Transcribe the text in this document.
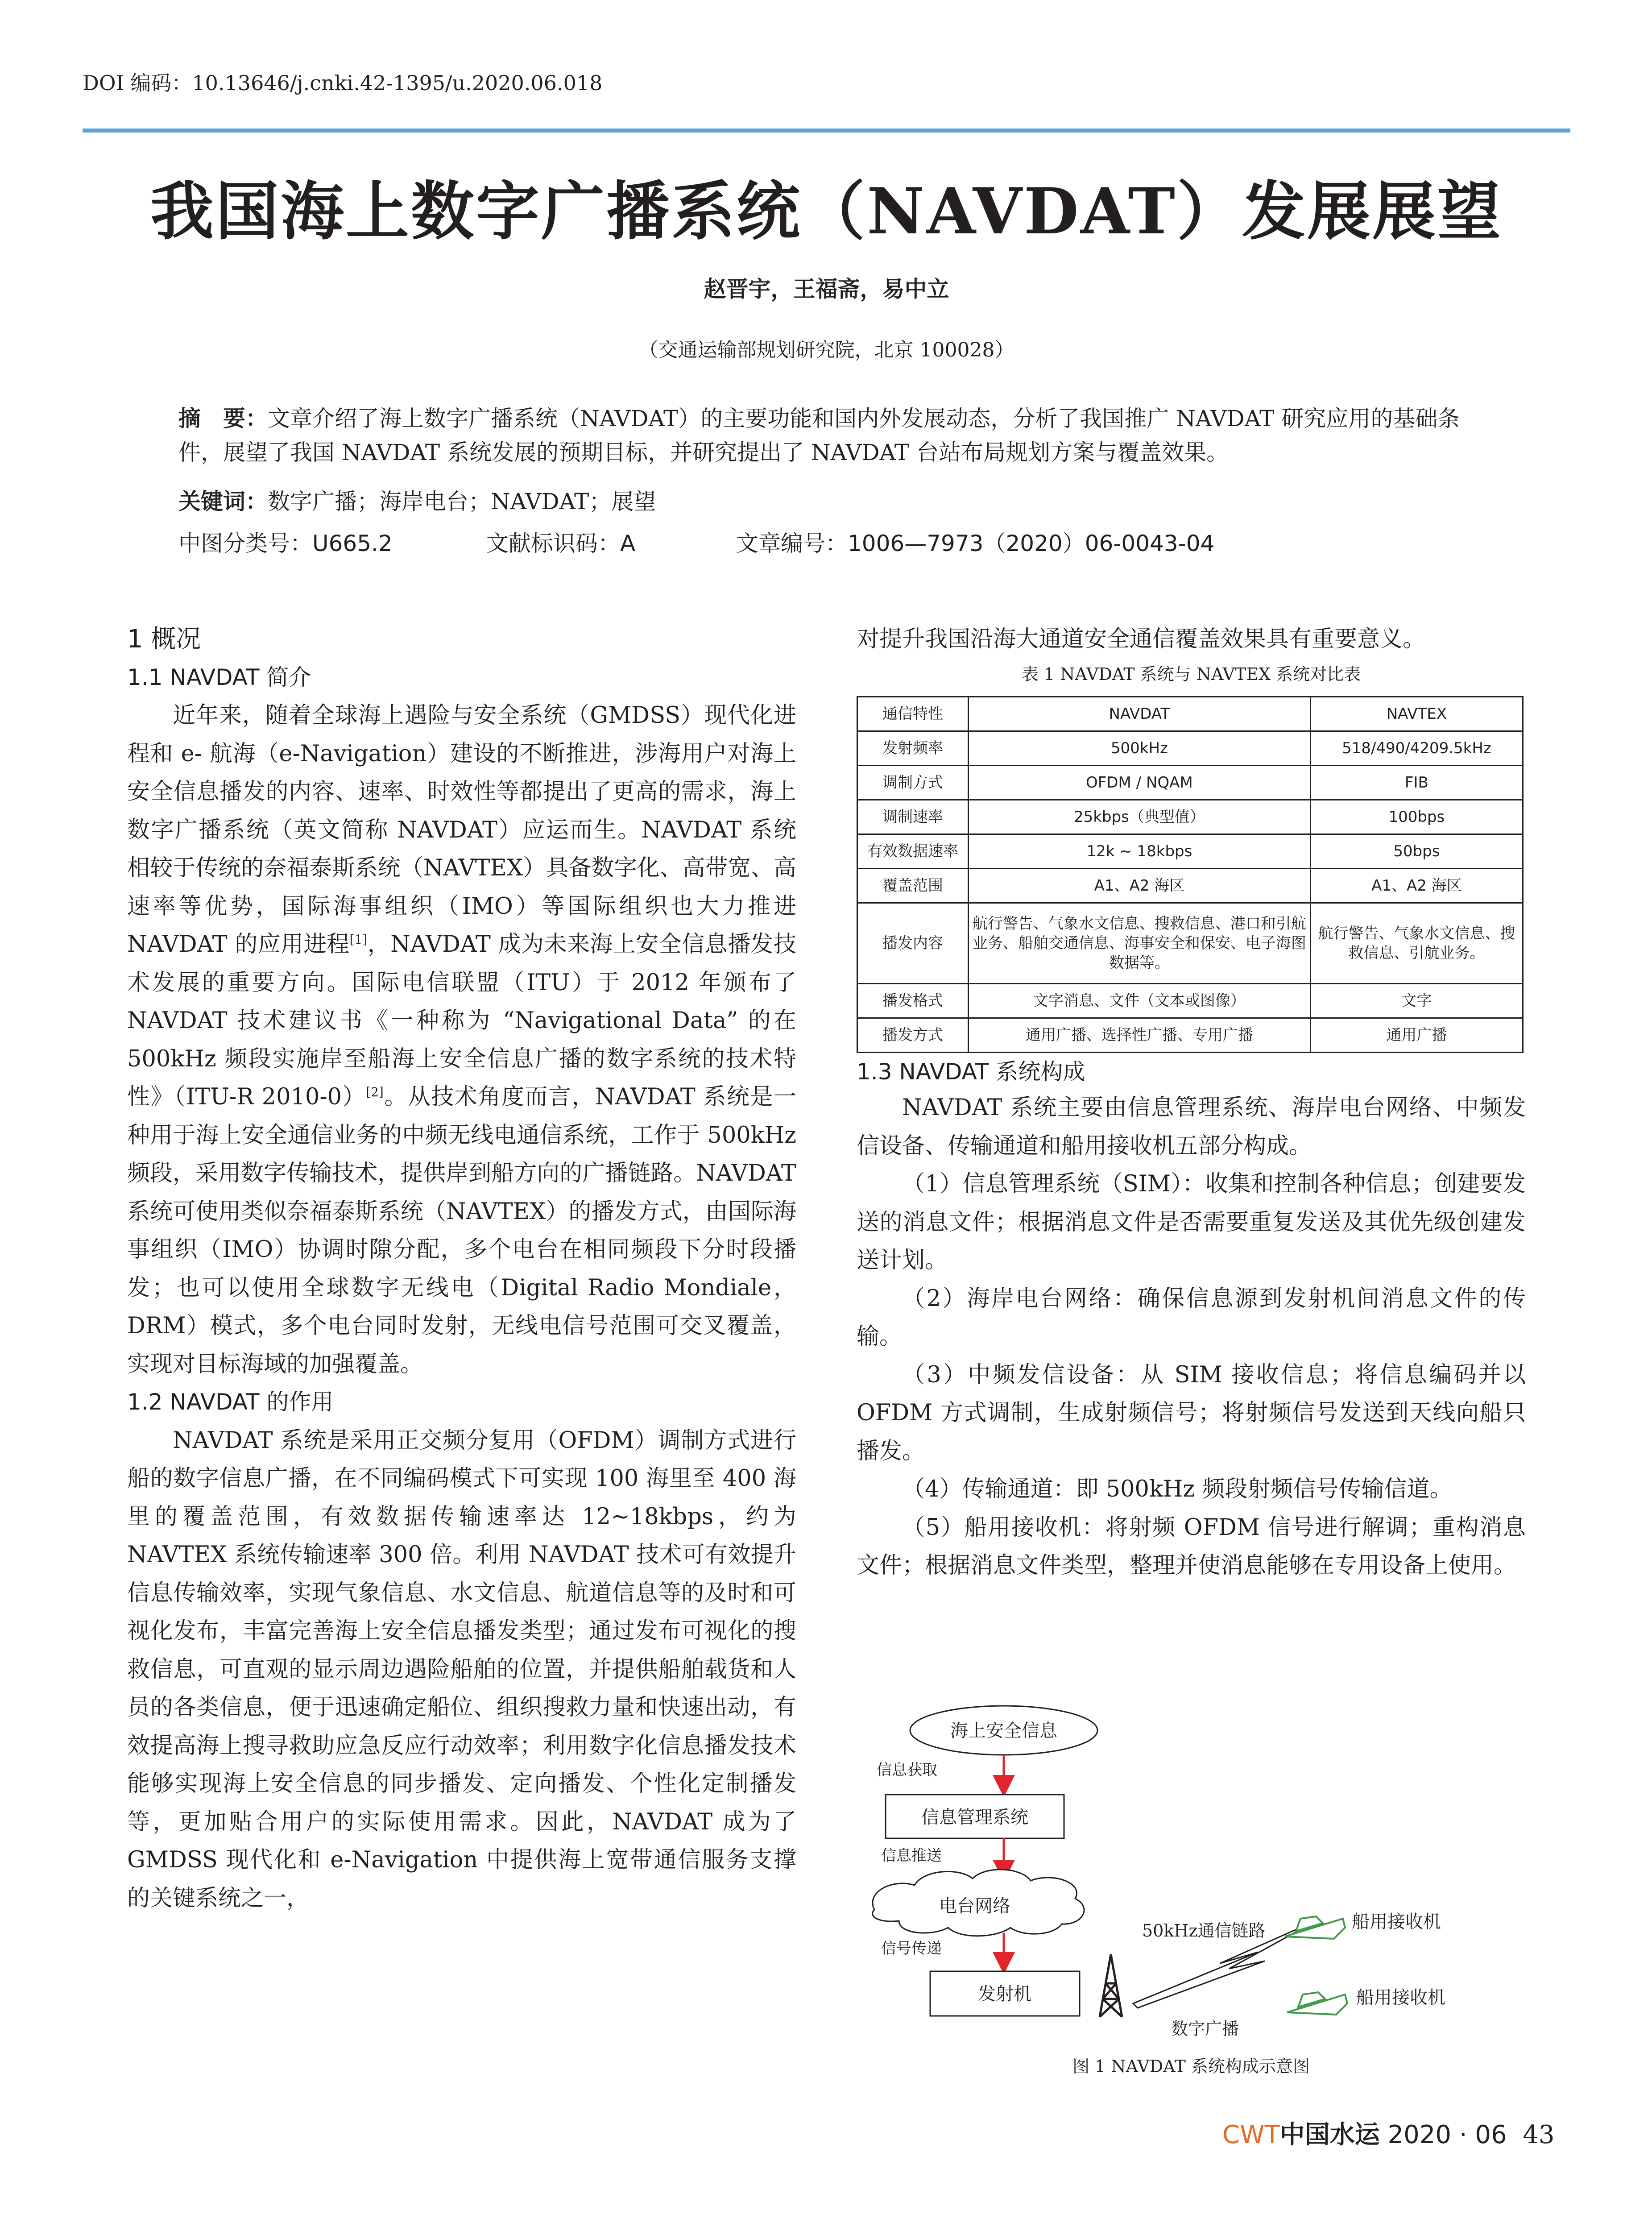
DOI 编码：10.13646/j.cnki.42-1395/u.2020.06.018
我国海上数字广播系统（NAVDAT）发展展望
赵晋宇，王福斋，易中立
（交通运输部规划研究院，北京 100028）
摘　要：文章介绍了海上数字广播系统（NAVDAT）的主要功能和国内外发展动态，分析了我国推广 NAVDAT 研究应用的基础条件，展望了我国 NAVDAT 系统发展的预期目标，并研究提出了 NAVDAT 台站布局规划方案与覆盖效果。
关键词：数字广播；海岸电台；NAVDAT；展望
中图分类号：U665.2	文献标识码：A	文章编号：1006—7973（2020）06-0043-04
1 概况
1.1 NAVDAT 简介

近年来，随着全球海上遇险与安全系统（GMDSS）现代化进程和 e- 航海（e-Navigation）建设的不断推进，涉海用户对海上安全信息播发的内容、速率、时效性等都提出了更高的需求，海上数字广播系统（英文简称 NAVDAT）应运而生。NAVDAT 系统相较于传统的奈福泰斯系统（NAVTEX）具备数字化、高带宽、高速率等优势，国际海事组织（IMO）等国际组织也大力推进 NAVDAT 的应用进程[1]，NAVDAT 成为未来海上安全信息播发技术发展的重要方向。国际电信联盟（ITU）于 2012 年颁布了 NAVDAT 技术建议书《一种称为 “Navigational Data” 的在 500kHz 频段实施岸至船海上安全信息广播的数字系统的技术特性》（ITU-R 2010-0）[2]。从技术角度而言，NAVDAT 系统是一种用于海上安全通信业务的中频无线电通信系统，工作于 500kHz 频段，采用数字传输技术，提供岸到船方向的广播链路。NAVDAT 系统可使用类似奈福泰斯系统（NAVTEX）的播发方式，由国际海事组织（IMO）协调时隙分配，多个电台在相同频段下分时段播发；也可以使用全球数字无线电（Digital Radio Mondiale，DRM）模式，多个电台同时发射，无线电信号范围可交叉覆盖，实现对目标海域的加强覆盖。

1.2 NAVDAT 的作用

NAVDAT 系统是采用正交频分复用（OFDM）调制方式进行船的数字信息广播，在不同编码模式下可实现 100 海里至 400 海里的覆盖范围，有效数据传输速率达 12~18kbps，约为 NAVTEX 系统传输速率 300 倍。利用 NAVDAT 技术可有效提升信息传输效率，实现气象信息、水文信息、航道信息等的及时和可视化发布，丰富完善海上安全信息播发类型；通过发布可视化的搜救信息，可直观的显示周边遇险船舶的位置，并提供船舶载货和人员的各类信息，便于迅速确定船位、组织搜救力量和快速出动，有效提高海上搜寻救助应急反应行动效率；利用数字化信息播发技术能够实现海上安全信息的同步播发、定向播发、个性化定制播发等，更加贴合用户的实际使用需求。因此，NAVDAT 成为了 GMDSS 现代化和 e-Navigation 中提供海上宽带通信服务支撑的关键系统之一，

对提升我国沿海大通道安全通信覆盖效果具有重要意义。

表 1 NAVDAT 系统与 NAVTEX 系统对比表
通信特性	NAVDAT	NAVTEX
发射频率	500kHz	518/490/4209.5kHz
调制方式	OFDM / NQAM	FIB
调制速率	25kbps（典型值）	100bps
有效数据速率	12k ~ 18kbps	50bps
覆盖范围	A1、A2 海区	A1、A2 海区
播发内容	航行警告、气象水文信息、搜救信息、港口和引航业务、船舶交通信息、海事安全和保安、电子海图数据等。	航行警告、气象水文信息、搜救信息、引航业务。
播发格式	文字消息、文件（文本或图像）	文字
播发方式	通用广播、选择性广播、专用广播	通用广播
1.3 NAVDAT 系统构成

NAVDAT 系统主要由信息管理系统、海岸电台网络、中频发信设备、传输通道和船用接收机五部分构成。

（1）信息管理系统（SIM）：收集和控制各种信息；创建要发送的消息文件；根据消息文件是否需要重复发送及其优先级创建发送计划。

（2）海岸电台网络：确保信息源到发射机间消息文件的传输。

（3）中频发信设备：从 SIM 接收信息；将信息编码并以 OFDM 方式调制，生成射频信号；将射频信号发送到天线向船只播发。

（4）传输通道：即 500kHz 频段射频信号传输信道。

（5）船用接收机：将射频 OFDM 信号进行解调；重构消息文件；根据消息文件类型，整理并使消息能够在专用设备上使用。

海上安全信息
信息获取
信息管理系统
信息推送
电台网络
信号传递
发射机
50kHz通信链路
数字广播
船用接收机
船用接收机
图 1 NAVDAT 系统构成示意图
CWT中国水运 2020 · 06 43
